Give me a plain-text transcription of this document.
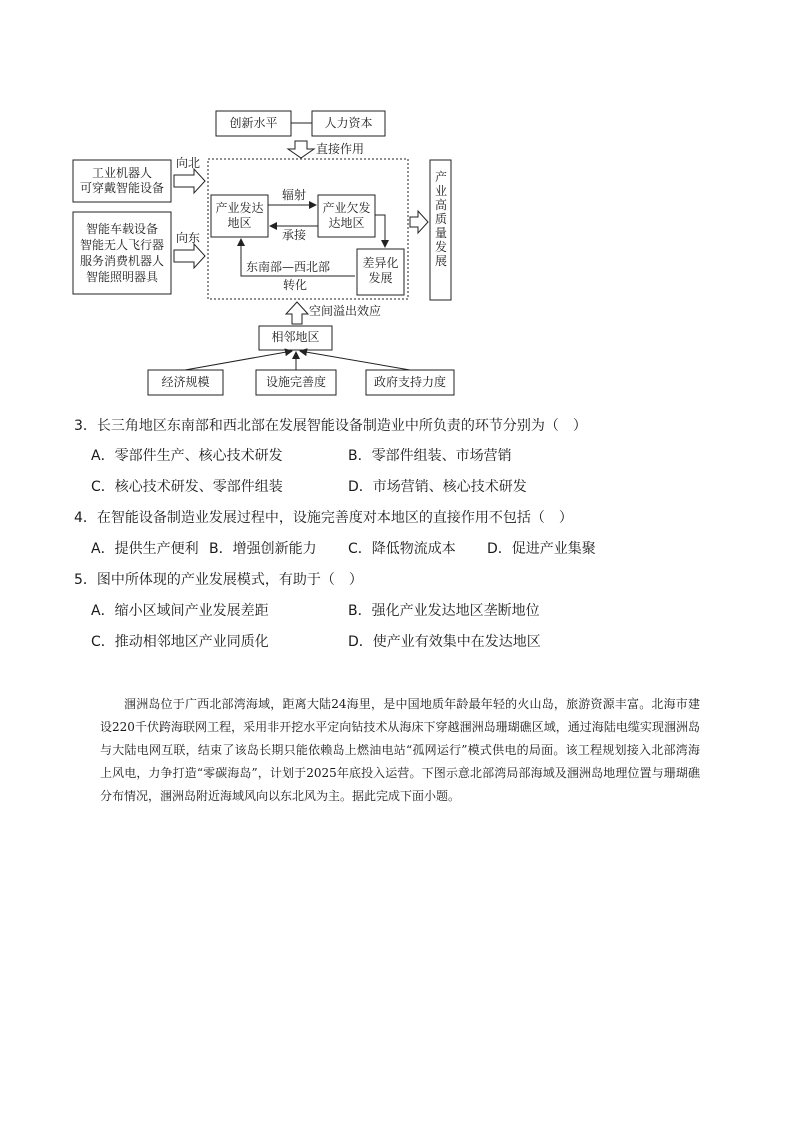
创新水平	人力资本
直接作用
工业机器人
可穿戴智能设备
向北
智能车载设备
智能无人飞行器
服务消费机器人
智能照明器具
向东
产业发达
地区
产业欠发
达地区
辐射
承接
差异化
发展
东南部—西北部
转化
产业高质量发展
空间溢出效应
相邻地区
经济规模	设施完善度	政府支持力度
3．长三角地区东南部和西北部在发展智能设备制造业中所负责的环节分别为（　）
A．零部件生产、核心技术研发	B．零部件组装、市场营销
C．核心技术研发、零部件组装	D．市场营销、核心技术研发
4．在智能设备制造业发展过程中，设施完善度对本地区的直接作用不包括（　）
A．提供生产便利 B．增强创新能力 C．降低物流成本 D．促进产业集聚
5．图中所体现的产业发展模式，有助于（　）
A．缩小区域间产业发展差距	B．强化产业发达地区垄断地位
C．推动相邻地区产业同质化	D．使产业有效集中在发达地区

涠洲岛位于广西北部湾海域，距离大陆24海里，是中国地质年龄最年轻的火山岛，旅游资源丰富。北海市建设220千伏跨海联网工程，采用非开挖水平定向钻技术从海床下穿越涠洲岛珊瑚礁区域，通过海陆电缆实现涠洲岛与大陆电网互联，结束了该岛长期只能依赖岛上燃油电站“孤网运行”模式供电的局面。该工程规划接入北部湾海上风电，力争打造“零碳海岛”，计划于2025年底投入运营。下图示意北部湾局部海域及涠洲岛地理位置与珊瑚礁分布情况，涠洲岛附近海域风向以东北风为主。据此完成下面小题。
